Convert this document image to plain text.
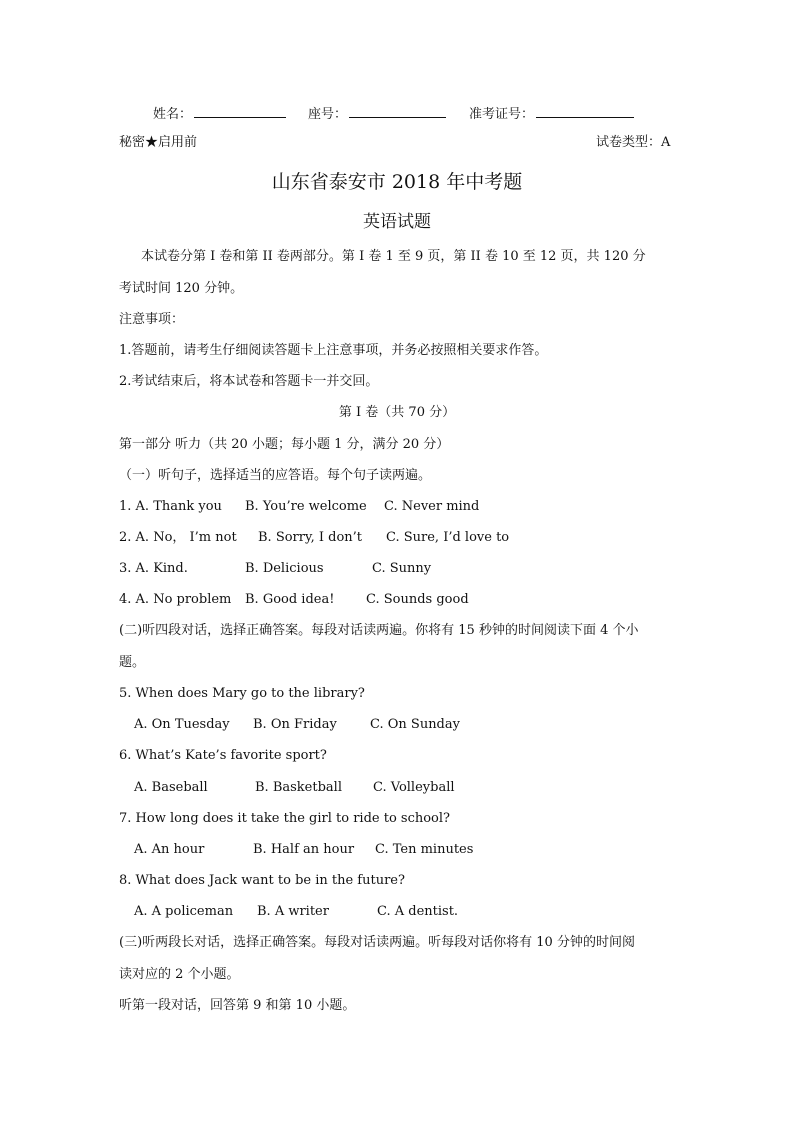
姓名：	座号：	准考证号：
秘密★启用前	试卷类型：A
山东省泰安市 2018 年中考题
英语试题
本试卷分第 I 卷和第 II 卷两部分。第 I 卷 1 至 9 页，第 II 卷 10 至 12 页，共 120 分
考试时间 120 分钟。
注意事项：
1.答题前，请考生仔细阅读答题卡上注意事项，并务必按照相关要求作答。
2.考试结束后，将本试卷和答题卡一并交回。
第 I 卷（共 70 分）
第一部分 听力（共 20 小题；每小题 1 分，满分 20 分）
（一）听句子，选择适当的应答语。每个句子读两遍。
1. A. Thank you B. You’re welcome C. Never mind
2. A. No， I’m not B. Sorry, I don’t C. Sure, I’d love to
3. A. Kind.	B. Delicious	C. Sunny
4. A. No problem B. Good idea! C. Sounds good
(二)听四段对话，选择正确答案。每段对话读两遍。你将有 15 秒钟的时间阅读下面 4 个小
题。
5. When does Mary go to the library?
A. On Tuesday B. On Friday	C. On Sunday
6. What’s Kate’s favorite sport?
A. Baseball	B. Basketball C. Volleyball
7. How long does it take the girl to ride to school?
A. An hour	B. Half an hour C. Ten minutes
8. What does Jack want to be in the future?
A. A policeman B. A writer	C. A dentist.
(三)听两段长对话，选择正确答案。每段对话读两遍。听每段对话你将有 10 分钟的时间阅
读对应的 2 个小题。
听第一段对话，回答第 9 和第 10 小题。
